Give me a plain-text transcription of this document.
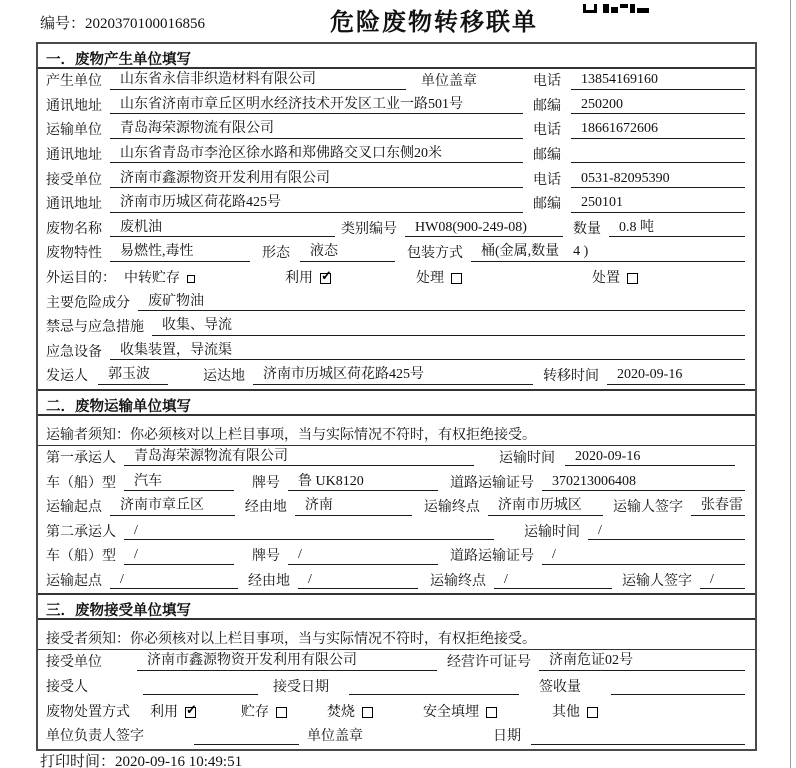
编号：2020370100016856	危险废物转移联单
一．废物产生单位填写
产生单位	山东省永信非织造材料有限公司	单位盖章	电话	13854169160
通讯地址	山东省济南市章丘区明水经济技术开发区工业一路501号	邮编	250200
运输单位	青岛海荣源物流有限公司	电话	18661672606
通讯地址	山东省青岛市李沧区徐水路和郑佛路交叉口东侧20米	邮编
接受单位	济南市鑫源物资开发利用有限公司	电话	0531-82095390
通讯地址	济南市历城区荷花路425号	邮编	250101
废物名称	废机油	类别编号	HW08(900-249-08)	数量	0.8 吨
废物特性	易燃性,毒性	形态	液态	包装方式	桶(金属,数量　4 )
外运目的： 中转贮存	利用 ✓	处理	处置
主要危险成分	废矿物油
禁忌与应急措施	收集、导流
应急设备	收集装置，导流渠
发运人	郭玉波	运达地	济南市历城区荷花路425号	转移时间	2020-09-16
二．废物运输单位填写
运输者须知：你必须核对以上栏目事项，当与实际情况不符时，有权拒绝接受。
第一承运人	青岛海荣源物流有限公司	运输时间	2020-09-16
车（船）型	汽车	牌号	鲁 UK8120	道路运输证号	370213006408
运输起点	济南市章丘区	经由地	济南	运输终点	济南市历城区	运输人签字	张春雷
第二承运人	/	运输时间	/
车（船）型	/	牌号	/	道路运输证号	/
运输起点	/	经由地	/	运输终点	/	运输人签字	/
三．废物接受单位填写
接受者须知：你必须核对以上栏目事项，当与实际情况不符时，有权拒绝接受。
接受单位	济南市鑫源物资开发利用有限公司	经营许可证号	济南危证02号
接受人	接受日期	签收量
废物处置方式 利用 ✓	贮存	焚烧	安全填埋	其他
单位负责人签字	单位盖章	日期
打印时间：2020-09-16 10:49:51
